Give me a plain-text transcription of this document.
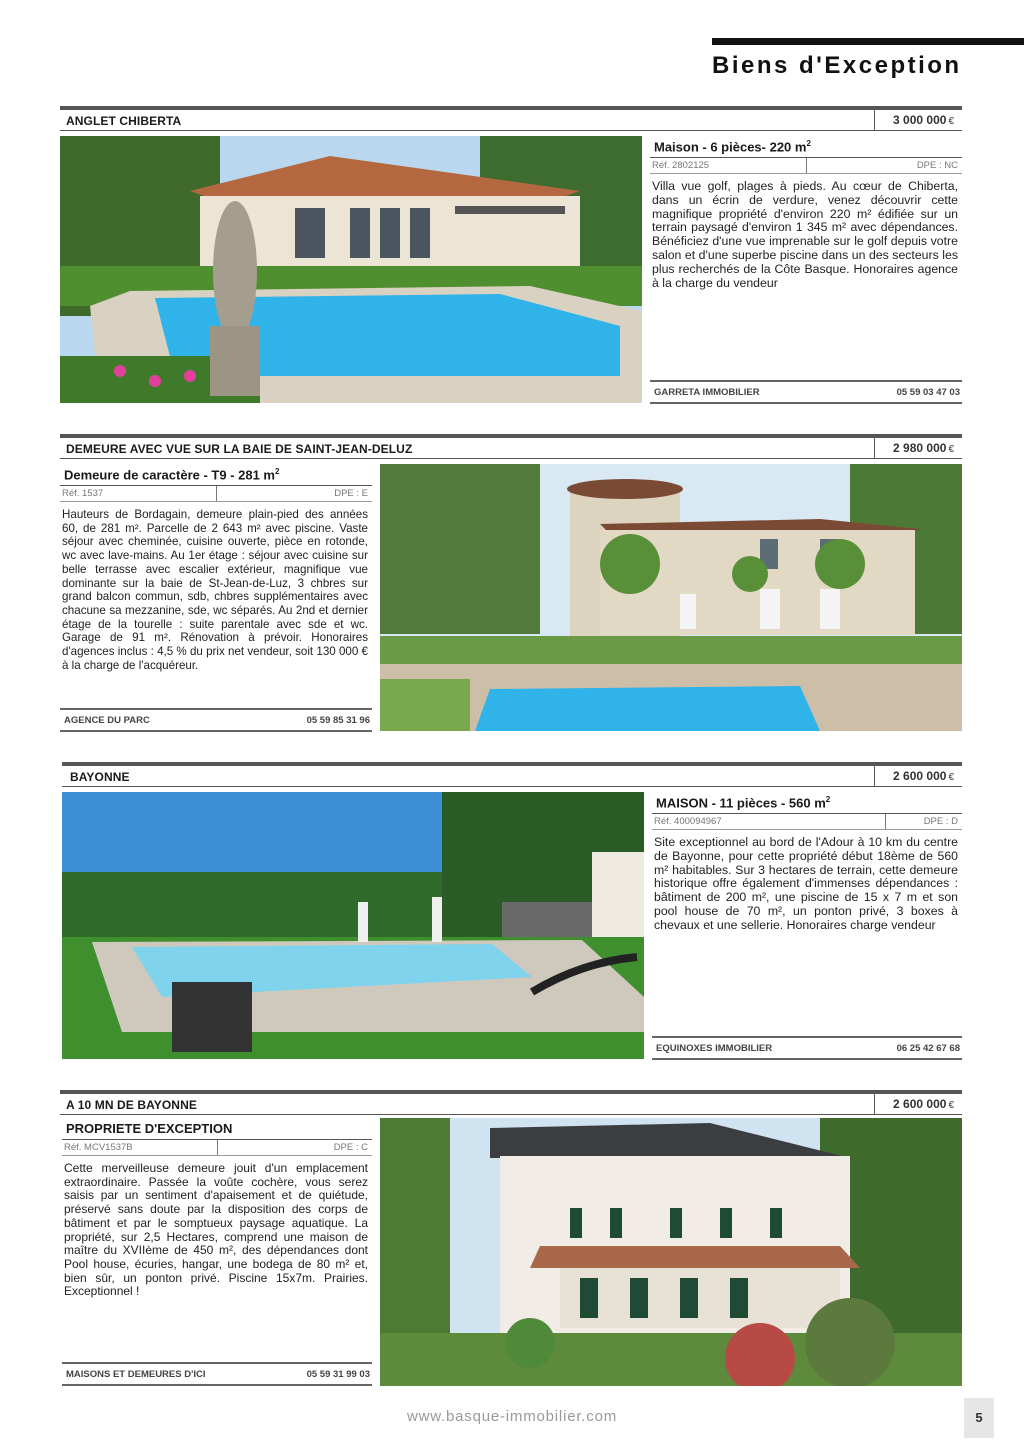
Biens d'Exception
ANGLET CHIBERTA	3 000 000 €
Maison - 6 pièces- 220 $m^2$
Réf. 2802125	DPE : NC
Villa vue golf, plages à pieds. Au cœur de Chiberta, dans un écrin de verdure, venez découvrir cette magnifique propriété d'environ 220 m² édifiée sur un terrain paysagé d'environ 1 345 m² avec dépendances. Bénéficiez d'une vue imprenable sur le golf depuis votre salon et d'une superbe piscine dans un des secteurs les plus recherchés de la Côte Basque. Honoraires agence à la charge du vendeur
GARRETA IMMOBILIER	05 59 03 47 03
DEMEURE AVEC VUE SUR LA BAIE DE SAINT-JEAN-DELUZ	2 980 000 €
Demeure de caractère - T9 - 281 $m^2$
Réf. 1537	DPE : E
Hauteurs de Bordagain, demeure plain-pied des années 60, de 281 m². Parcelle de 2 643 m² avec piscine. Vaste séjour avec cheminée, cuisine ouverte, pièce en rotonde, wc avec lave-mains. Au 1er étage : séjour avec cuisine sur belle terrasse avec escalier extérieur, magnifique vue dominante sur la baie de St-Jean-de-Luz, 3 chbres sur grand balcon commun, sdb, chbres supplémentaires avec chacune sa mezzanine, sde, wc séparés. Au 2nd et dernier étage de la tourelle : suite parentale avec sde et wc. Garage de 91 m². Rénovation à prévoir. Honoraires d'agences inclus : 4,5 % du prix net vendeur, soit 130 000 € à la charge de l'acquéreur.
AGENCE DU PARC	05 59 85 31 96
BAYONNE	2 600 000 €
MAISON - 11 pièces - 560 $m^2$
Réf. 400094967	DPE : D
Site exceptionnel au bord de l'Adour à 10 km du centre de Bayonne, pour cette propriété début 18ème de 560 m² habitables. Sur 3 hectares de terrain, cette demeure historique offre également d'immenses dépendances : bâtiment de 200 m², une piscine de 15 x 7 m et son pool house de 70 m², un ponton privé, 3 boxes à chevaux et une sellerie. Honoraires charge vendeur
EQUINOXES IMMOBILIER	06 25 42 67 68
A 10 MN DE BAYONNE	2 600 000 €
PROPRIETE D'EXCEPTION
Réf. MCV1537B	DPE : C
Cette merveilleuse demeure jouit d'un emplacement extraordinaire. Passée la voûte cochère, vous serez saisis par un sentiment d'apaisement et de quiétude, préservé sans doute par la disposition des corps de bâtiment et par le somptueux paysage aquatique. La propriété, sur 2,5 Hectares, comprend une maison de maître du XVIIème de 450 m², des dépendances dont Pool house, écuries, hangar, une bodega de 80 m² et, bien sûr, un ponton privé. Piscine 15x7m. Prairies. Exceptionnel !
MAISONS ET DEMEURES D'ICI	05 59 31 99 03
www.basque-immobilier.com	5
